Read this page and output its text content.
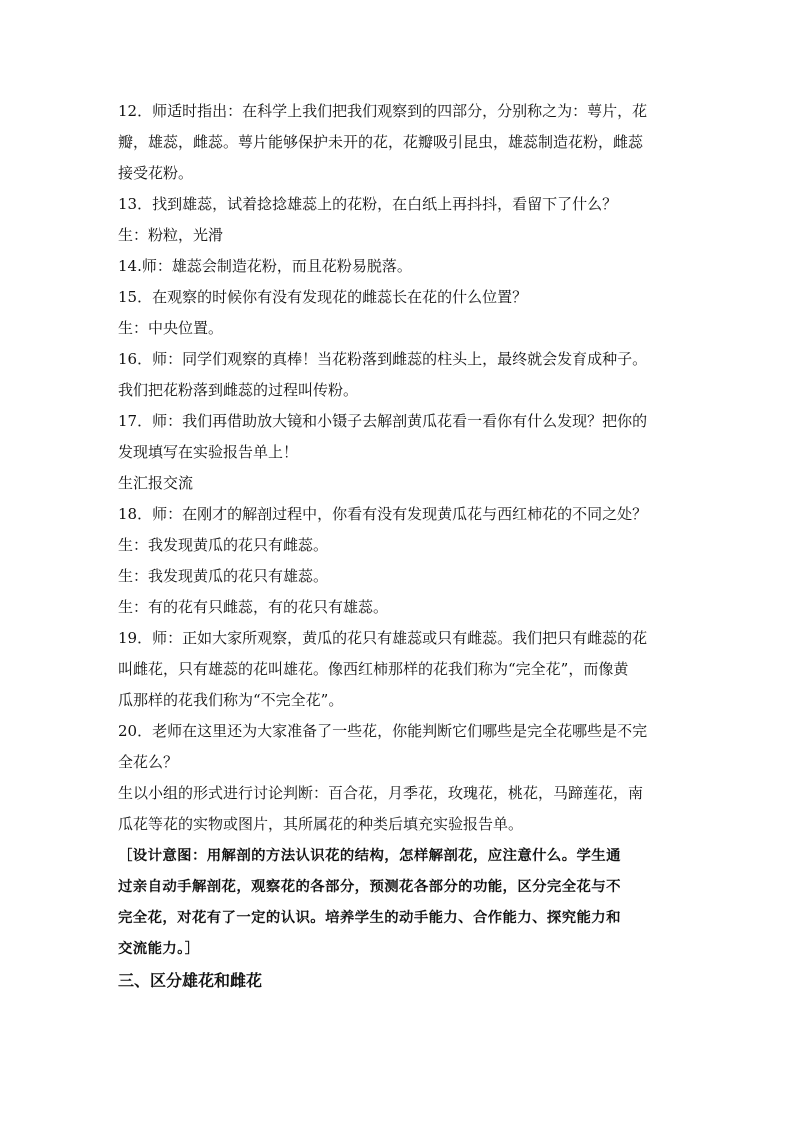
12．师适时指出：在科学上我们把我们观察到的四部分，分别称之为：萼片，花
瓣，雄蕊，雌蕊。萼片能够保护未开的花，花瓣吸引昆虫，雄蕊制造花粉，雌蕊
接受花粉。
13．找到雄蕊，试着捻捻雄蕊上的花粉，在白纸上再抖抖，看留下了什么？
生：粉粒，光滑
14.师：雄蕊会制造花粉，而且花粉易脱落。
15．在观察的时候你有没有发现花的雌蕊长在花的什么位置？
生：中央位置。
16．师：同学们观察的真棒！当花粉落到雌蕊的柱头上，最终就会发育成种子。
我们把花粉落到雌蕊的过程叫传粉。
17．师：我们再借助放大镜和小镊子去解剖黄瓜花看一看你有什么发现？把你的
发现填写在实验报告单上！
生汇报交流
18．师：在刚才的解剖过程中，你看有没有发现黄瓜花与西红柿花的不同之处？
生：我发现黄瓜的花只有雌蕊。
生：我发现黄瓜的花只有雄蕊。
生：有的花有只雌蕊，有的花只有雄蕊。
19．师：正如大家所观察，黄瓜的花只有雄蕊或只有雌蕊。我们把只有雌蕊的花
叫雌花，只有雄蕊的花叫雄花。像西红柿那样的花我们称为“完全花”，而像黄
瓜那样的花我们称为“不完全花”。
20．老师在这里还为大家准备了一些花，你能判断它们哪些是完全花哪些是不完
全花么？
生以小组的形式进行讨论判断：百合花，月季花，玫瑰花，桃花，马蹄莲花，南
瓜花等花的实物或图片，其所属花的种类后填充实验报告单。
［设计意图：用解剖的方法认识花的结构，怎样解剖花，应注意什么。学生通
过亲自动手解剖花，观察花的各部分，预测花各部分的功能，区分完全花与不
完全花，对花有了一定的认识。培养学生的动手能力、合作能力、探究能力和
交流能力。］
三、区分雄花和雌花
